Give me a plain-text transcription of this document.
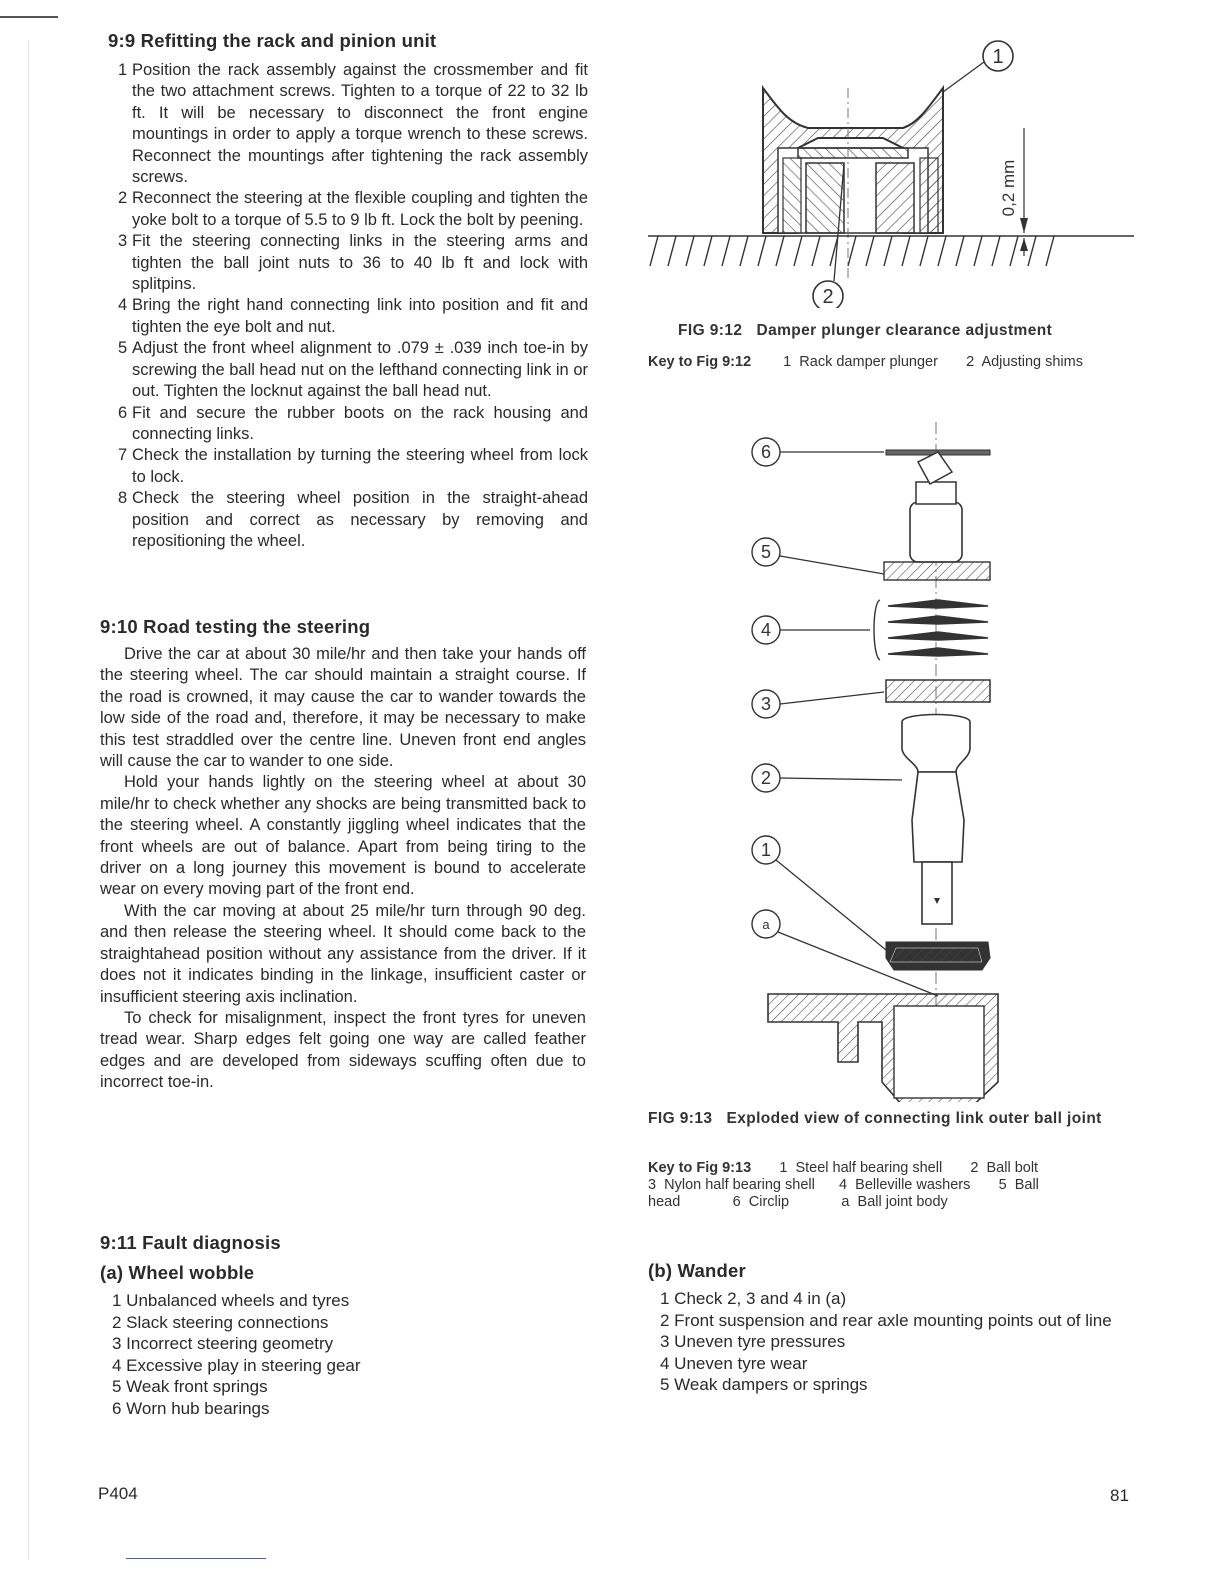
9:9 Refitting the rack and pinion unit
1 Position the rack assembly against the crossmember and fit the two attachment screws. Tighten to a torque of 22 to 32 lb ft. It will be necessary to disconnect the front engine mountings in order to apply a torque wrench to these screws. Reconnect the mountings after tightening the rack assembly screws.
2 Reconnect the steering at the flexible coupling and tighten the yoke bolt to a torque of 5.5 to 9 lb ft. Lock the bolt by peening.
3 Fit the steering connecting links in the steering arms and tighten the ball joint nuts to 36 to 40 lb ft and lock with splitpins.
4 Bring the right hand connecting link into position and fit and tighten the eye bolt and nut.
5 Adjust the front wheel alignment to .079 ± .039 inch toe-in by screwing the ball head nut on the lefthand connecting link in or out. Tighten the locknut against the ball head nut.
6 Fit and secure the rubber boots on the rack housing and connecting links.
7 Check the installation by turning the steering wheel from lock to lock.
8 Check the steering wheel position in the straight-ahead position and correct as necessary by removing and repositioning the wheel.
9:10 Road testing the steering

Drive the car at about 30 mile/hr and then take your hands off the steering wheel. The car should maintain a straight course. If the road is crowned, it may cause the car to wander towards the low side of the road and, therefore, it may be necessary to make this test straddled over the centre line. Uneven front end angles will cause the car to wander to one side.

Hold your hands lightly on the steering wheel at about 30 mile/hr to check whether any shocks are being transmitted back to the steering wheel. A constantly jiggling wheel indicates that the front wheels are out of balance. Apart from being tiring to the driver on a long journey this movement is bound to accelerate wear on every moving part of the front end.

With the car moving at about 25 mile/hr turn through 90 deg. and then release the steering wheel. It should come back to the straightahead position without any assistance from the driver. If it does not it indicates binding in the linkage, insufficient caster or insufficient steering axis inclination.

To check for misalignment, inspect the front tyres for uneven tread wear. Sharp edges felt going one way are called feather edges and are developed from sideways scuffing often due to incorrect toe-in.

9:11 Fault diagnosis
(a) Wheel wobble
1 Unbalanced wheels and tyres
2 Slack steering connections
3 Incorrect steering geometry
4 Excessive play in steering gear
5 Weak front springs
6 Worn hub bearings
0,2 mm
1
2
FIG 9:12   Damper plunger clearance adjustment
Key to Fig 9:12 1  Rack damper plunger       2  Adjusting shims
6
5
4
3
2
1
a
FIG 9:13   Exploded view of connecting link outer ball joint
Key to Fig 9:13 1  Steel half bearing shell       2  Ball bolt
3  Nylon half bearing shell      4  Belleville washers       5  Ball
head             6  Circlip             a  Ball joint body
(b) Wander
1 Check 2, 3 and 4 in (a)
2 Front suspension and rear axle mounting points out of line
3 Uneven tyre pressures
4 Uneven tyre wear
5 Weak dampers or springs
P404	81
